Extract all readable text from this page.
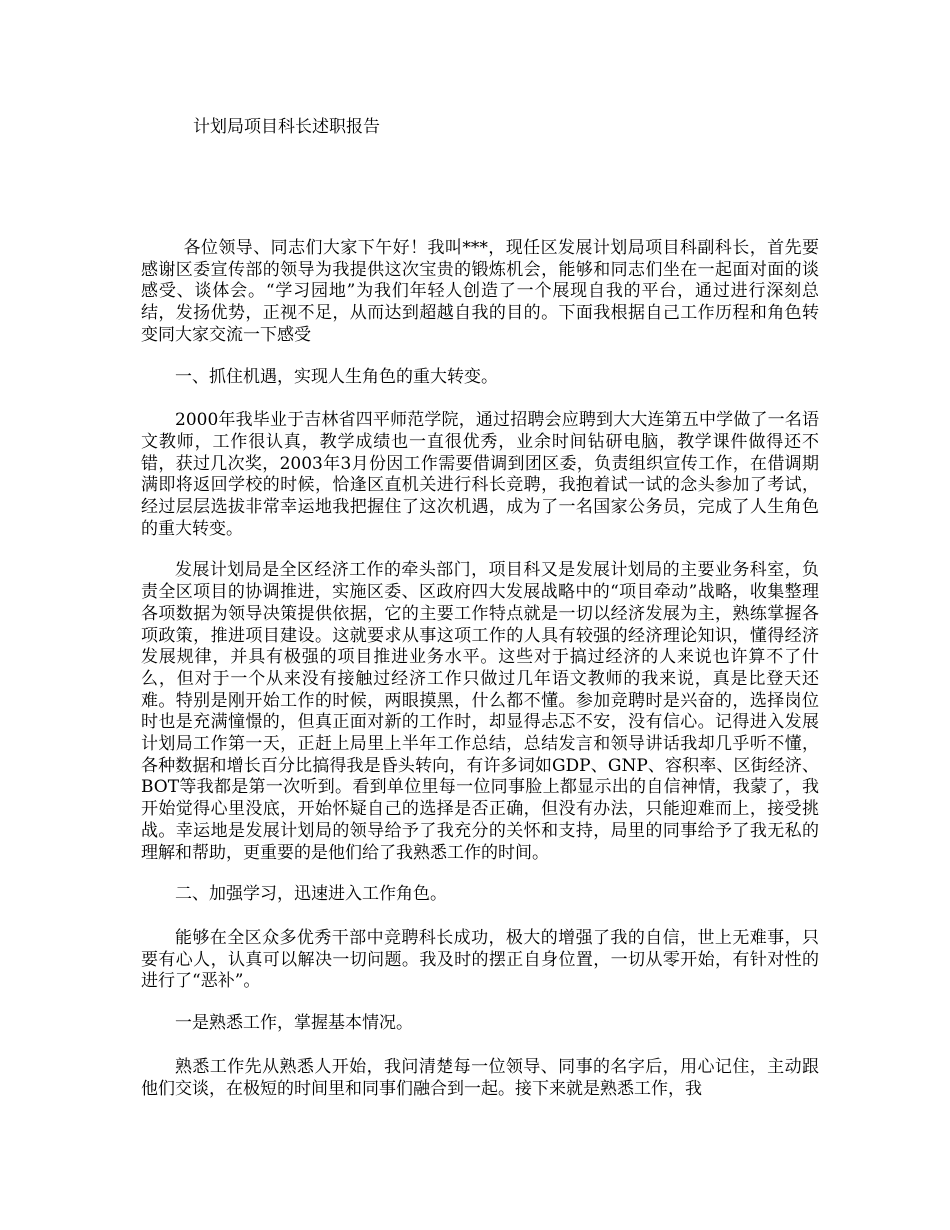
计划局项目科长述职报告

各位领导、同志们大家下午好！我叫***，现任区发展计划局项目科副科长，首先要感谢区委宣传部的领导为我提供这次宝贵的锻炼机会，能够和同志们坐在一起面对面的谈感受、谈体会。“学习园地”为我们年轻人创造了一个展现自我的平台，通过进行深刻总结，发扬优势，正视不足，从而达到超越自我的目的。下面我根据自己工作历程和角色转变同大家交流一下感受

一、抓住机遇，实现人生角色的重大转变。

2000年我毕业于吉林省四平师范学院，通过招聘会应聘到大大连第五中学做了一名语文教师，工作很认真，教学成绩也一直很优秀，业余时间钻研电脑，教学课件做得还不错，获过几次奖，2003年3月份因工作需要借调到团区委，负责组织宣传工作，在借调期满即将返回学校的时候，恰逢区直机关进行科长竞聘，我抱着试一试的念头参加了考试，经过层层选拔非常幸运地我把握住了这次机遇，成为了一名国家公务员，完成了人生角色的重大转变。

发展计划局是全区经济工作的牵头部门，项目科又是发展计划局的主要业务科室，负责全区项目的协调推进，实施区委、区政府四大发展战略中的“项目牵动”战略，收集整理各项数据为领导决策提供依据，它的主要工作特点就是一切以经济发展为主，熟练掌握各项政策，推进项目建设。这就要求从事这项工作的人具有较强的经济理论知识，懂得经济发展规律，并具有极强的项目推进业务水平。这些对于搞过经济的人来说也许算不了什么，但对于一个从来没有接触过经济工作只做过几年语文教师的我来说，真是比登天还难。特别是刚开始工作的时候，两眼摸黑，什么都不懂。参加竞聘时是兴奋的，选择岗位时也是充满憧憬的，但真正面对新的工作时，却显得忐忑不安，没有信心。记得进入发展计划局工作第一天，正赶上局里上半年工作总结，总结发言和领导讲话我却几乎听不懂，各种数据和增长百分比搞得我是昏头转向，有许多词如GDP、GNP、容积率、区街经济、BOT等我都是第一次听到。看到单位里每一位同事脸上都显示出的自信神情，我蒙了，我开始觉得心里没底，开始怀疑自己的选择是否正确，但没有办法，只能迎难而上，接受挑战。幸运地是发展计划局的领导给予了我充分的关怀和支持，局里的同事给予了我无私的理解和帮助，更重要的是他们给了我熟悉工作的时间。

二、加强学习，迅速进入工作角色。

能够在全区众多优秀干部中竞聘科长成功，极大的增强了我的自信，世上无难事，只要有心人，认真可以解决一切问题。我及时的摆正自身位置，一切从零开始，有针对性的进行了“恶补”。

一是熟悉工作，掌握基本情况。

熟悉工作先从熟悉人开始，我问清楚每一位领导、同事的名字后，用心记住，主动跟他们交谈，在极短的时间里和同事们融合到一起。接下来就是熟悉工作，我
